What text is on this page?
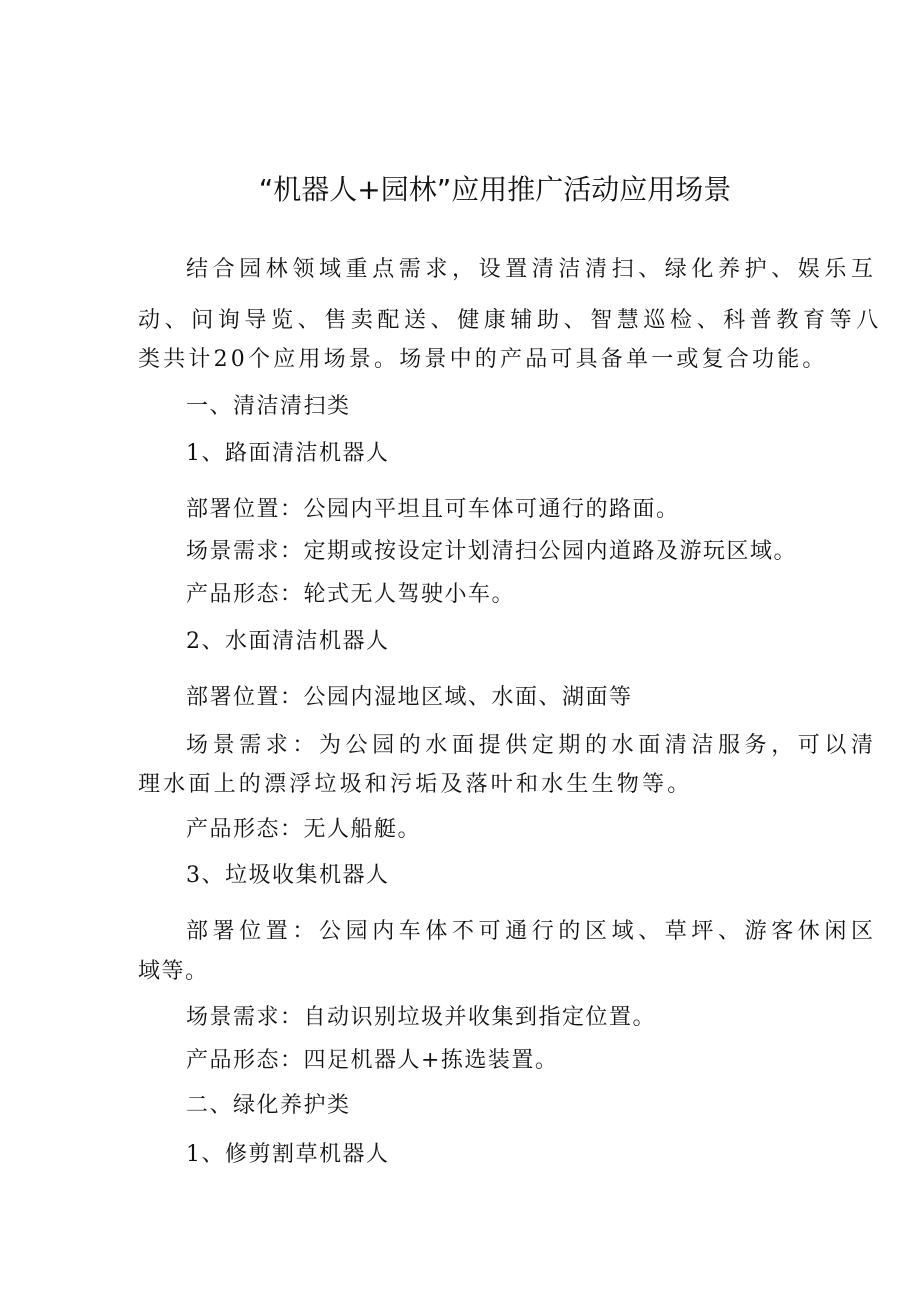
“机器人+园林”应用推广活动应用场景
结合园林领域重点需求，设置清洁清扫、绿化养护、娱乐互
动、问询导览、售卖配送、健康辅助、智慧巡检、科普教育等八
类共计20个应用场景。场景中的产品可具备单一或复合功能。
一、清洁清扫类
1、路面清洁机器人
部署位置：公园内平坦且可车体可通行的路面。
场景需求：定期或按设定计划清扫公园内道路及游玩区域。
产品形态：轮式无人驾驶小车。
2、水面清洁机器人
部署位置：公园内湿地区域、水面、湖面等
场景需求：为公园的水面提供定期的水面清洁服务，可以清
理水面上的漂浮垃圾和污垢及落叶和水生生物等。
产品形态：无人船艇。
3、垃圾收集机器人
部署位置：公园内车体不可通行的区域、草坪、游客休闲区
域等。
场景需求：自动识别垃圾并收集到指定位置。
产品形态：四足机器人+拣选装置。
二、绿化养护类
1、修剪割草机器人
